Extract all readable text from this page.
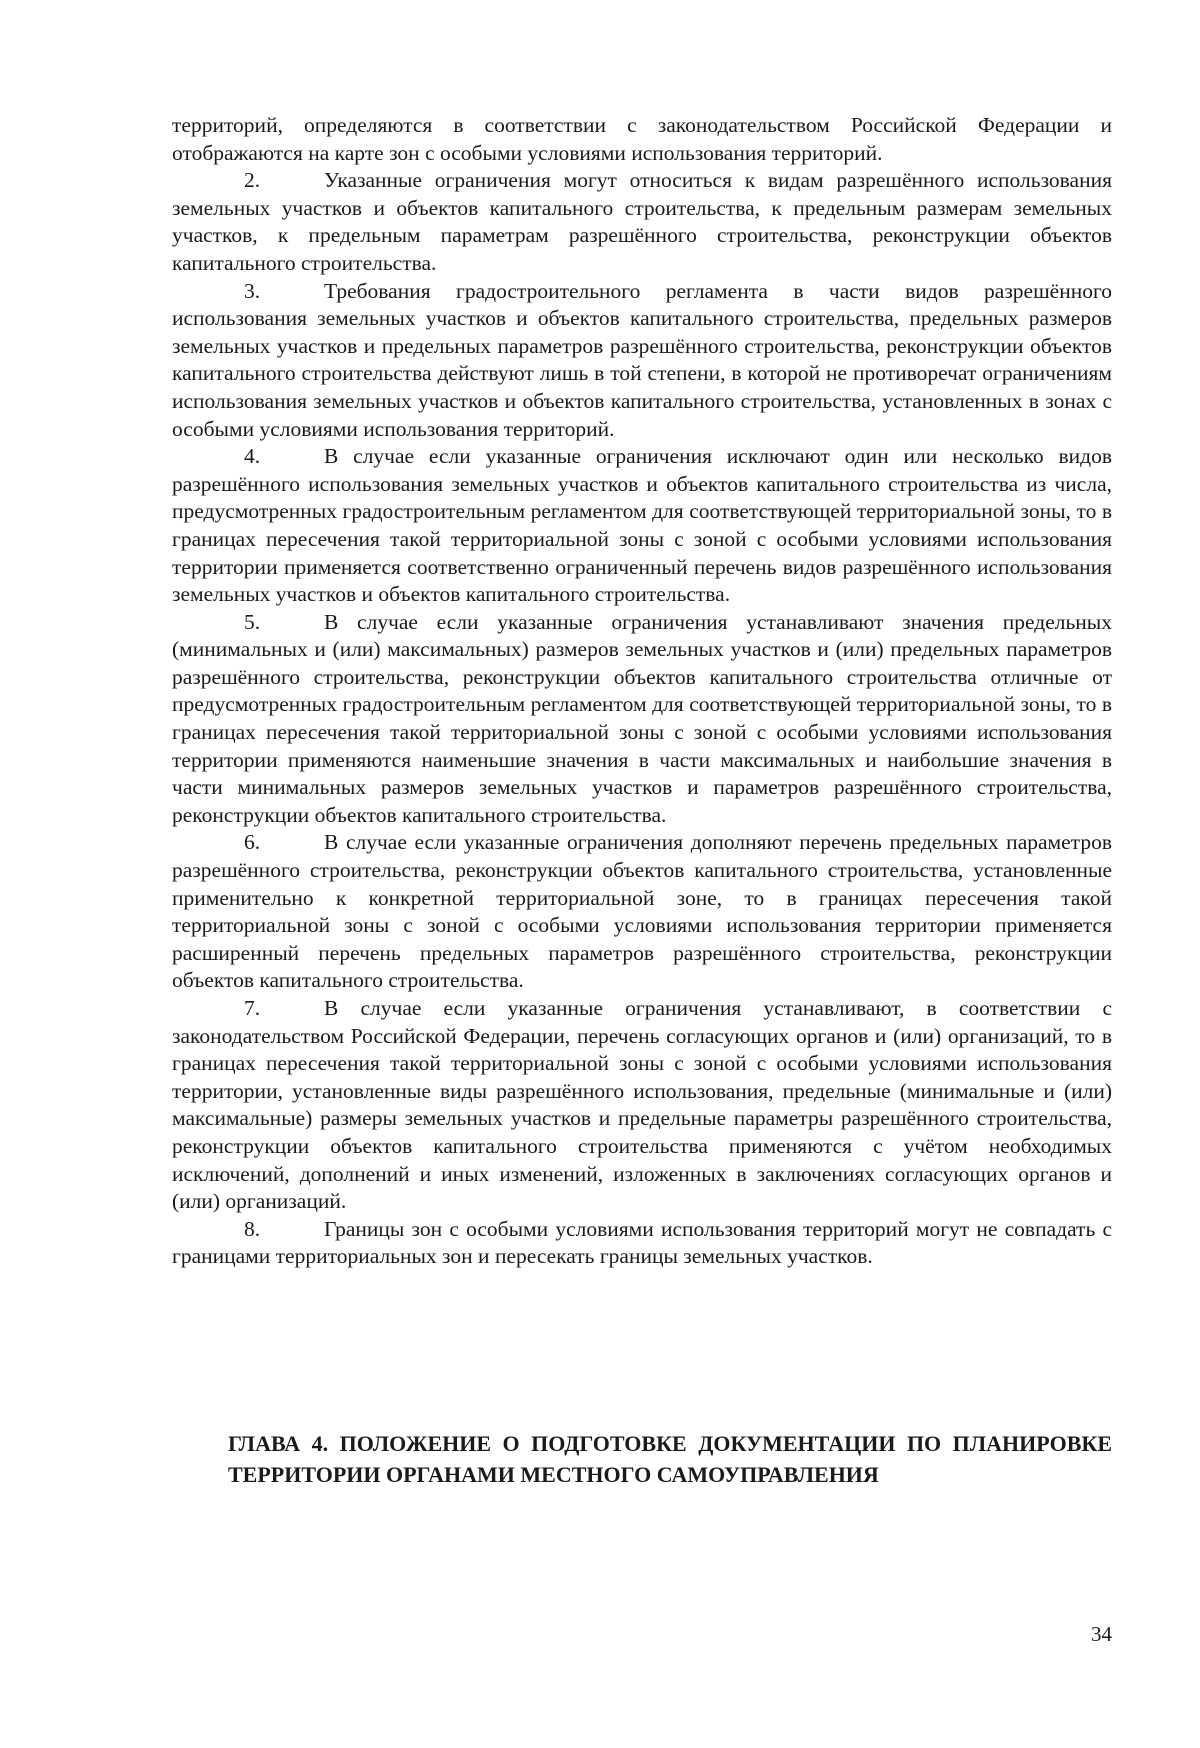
территорий, определяются в соответствии с законодательством Российской Федерации и отображаются на карте зон с особыми условиями использования территорий.

2.	Указанные ограничения могут относиться к видам разрешённого использования земельных участков и объектов капитального строительства, к предельным размерам земельных участков, к предельным параметрам разрешённого строительства, реконструкции объектов капитального строительства.

3.	Требования градостроительного регламента в части видов разрешённого использования земельных участков и объектов капитального строительства, предельных размеров земельных участков и предельных параметров разрешённого строительства, реконструкции объектов капитального строительства действуют лишь в той степени, в которой не противоречат ограничениям использования земельных участков и объектов капитального строительства, установленных в зонах с особыми условиями использования территорий.

4.	В случае если указанные ограничения исключают один или несколько видов разрешённого использования земельных участков и объектов капитального строительства из числа, предусмотренных градостроительным регламентом для соответствующей территориальной зоны, то в границах пересечения такой территориальной зоны с зоной с особыми условиями использования территории применяется соответственно ограниченный перечень видов разрешённого использования земельных участков и объектов капитального строительства.

5.	В случае если указанные ограничения устанавливают значения предельных (минимальных и (или) максимальных) размеров земельных участков и (или) предельных параметров разрешённого строительства, реконструкции объектов капитального строительства отличные от предусмотренных градостроительным регламентом для соответствующей территориальной зоны, то в границах пересечения такой территориальной зоны с зоной с особыми условиями использования территории применяются наименьшие значения в части максимальных и наибольшие значения в части минимальных размеров земельных участков и параметров разрешённого строительства, реконструкции объектов капитального строительства.

6.	В случае если указанные ограничения дополняют перечень предельных параметров разрешённого строительства, реконструкции объектов капитального строительства, установленные применительно к конкретной территориальной зоне, то в границах пересечения такой территориальной зоны с зоной с особыми условиями использования территории применяется расширенный перечень предельных параметров разрешённого строительства, реконструкции объектов капитального строительства.

7.	В случае если указанные ограничения устанавливают, в соответствии с законодательством Российской Федерации, перечень согласующих органов и (или) организаций, то в границах пересечения такой территориальной зоны с зоной с особыми условиями использования территории, установленные виды разрешённого использования, предельные (минимальные и (или) максимальные) размеры земельных участков и предельные параметры разрешённого строительства, реконструкции объектов капитального строительства применяются с учётом необходимых исключений, дополнений и иных изменений, изложенных в заключениях согласующих органов и (или) организаций.

8.	Границы зон с особыми условиями использования территорий могут не совпадать с границами территориальных зон и пересекать границы земельных участков.

ГЛАВА 4. ПОЛОЖЕНИЕ О ПОДГОТОВКЕ ДОКУМЕНТАЦИИ ПО ПЛАНИРОВКЕ ТЕРРИТОРИИ ОРГАНАМИ МЕСТНОГО САМОУПРАВЛЕНИЯ

34
